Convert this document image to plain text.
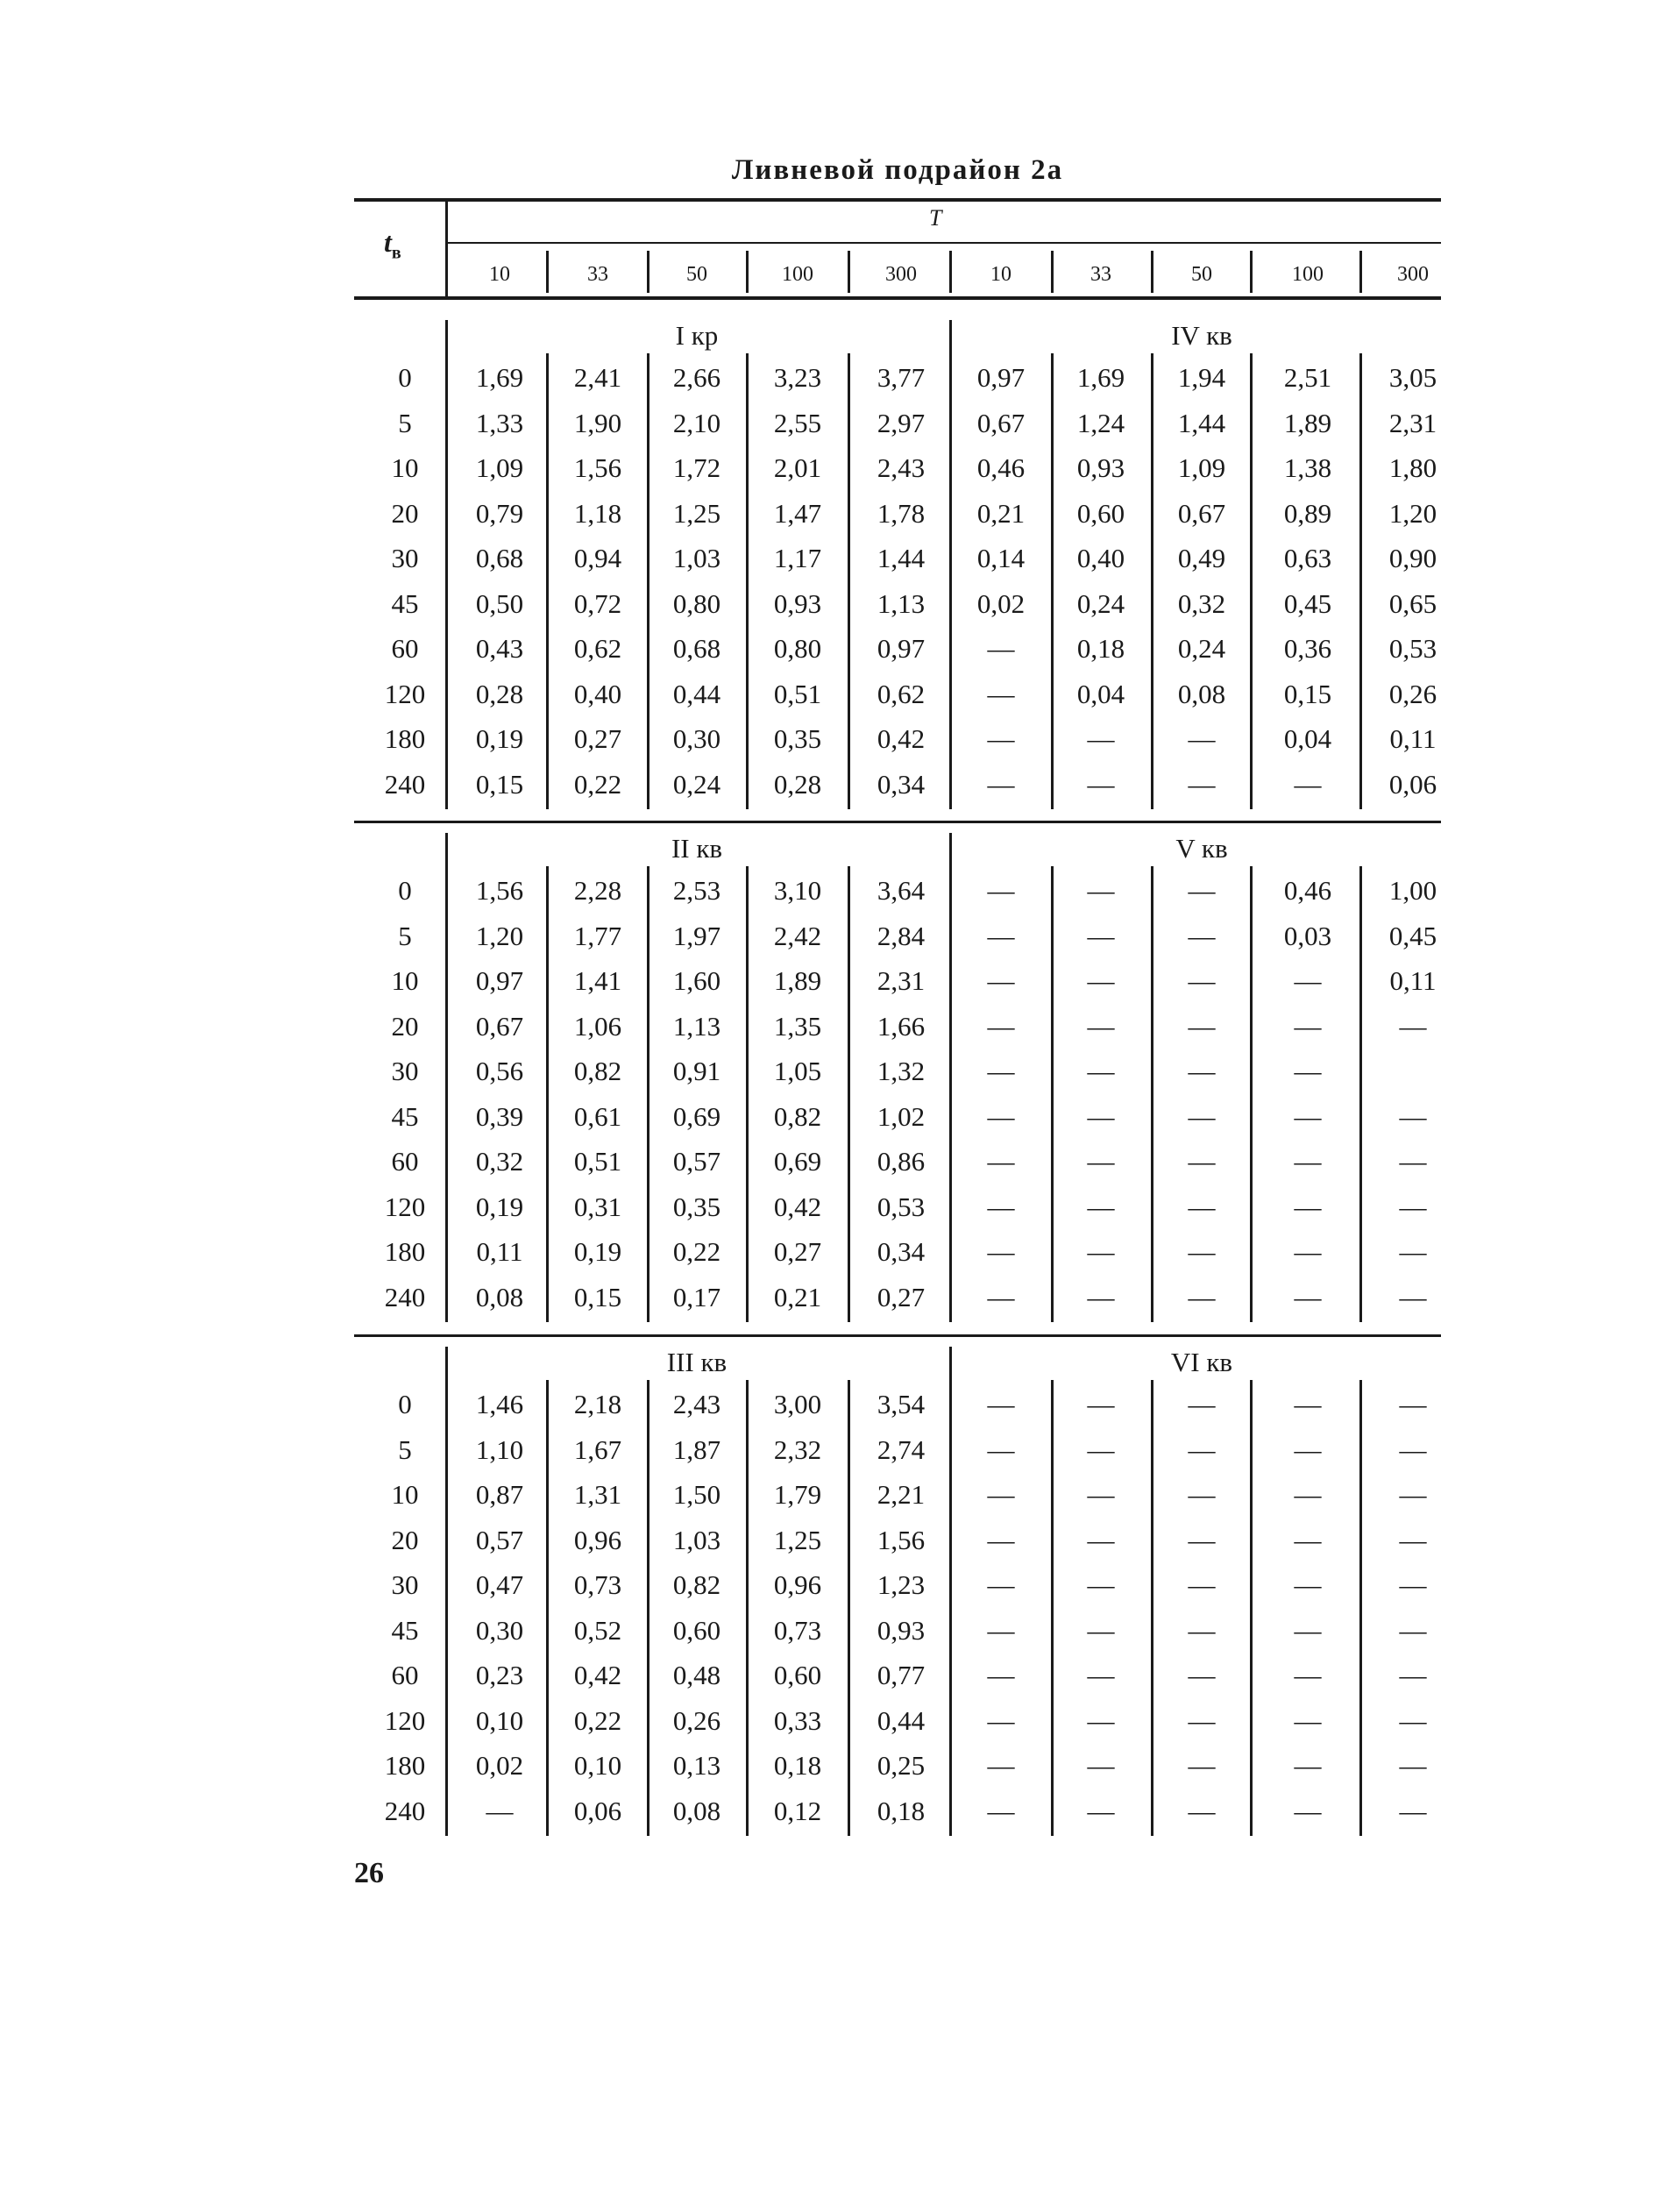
Ливневой подрайон 2а
$t_в$
T
10	33	50	100	300	10	33	50	100	300
I кр	IV кв
0	1,69	2,41	2,66	3,23	3,77	0,97	1,69	1,94	2,51	3,05
5	1,33	1,90	2,10	2,55	2,97	0,67	1,24	1,44	1,89	2,31
10	1,09	1,56	1,72	2,01	2,43	0,46	0,93	1,09	1,38	1,80
20	0,79	1,18	1,25	1,47	1,78	0,21	0,60	0,67	0,89	1,20
30	0,68	0,94	1,03	1,17	1,44	0,14	0,40	0,49	0,63	0,90
45	0,50	0,72	0,80	0,93	1,13	0,02	0,24	0,32	0,45	0,65
60	0,43	0,62	0,68	0,80	0,97	—	0,18	0,24	0,36	0,53
120	0,28	0,40	0,44	0,51	0,62	—	0,04	0,08	0,15	0,26
180	0,19	0,27	0,30	0,35	0,42	—	—	—	0,04	0,11
240	0,15	0,22	0,24	0,28	0,34	—	—	—	—	0,06
II кв	V кв
0	1,56	2,28	2,53	3,10	3,64	—	—	—	0,46	1,00
5	1,20	1,77	1,97	2,42	2,84	—	—	—	0,03	0,45
10	0,97	1,41	1,60	1,89	2,31	—	—	—	—	0,11
20	0,67	1,06	1,13	1,35	1,66	—	—	—	—	—
30	0,56	0,82	0,91	1,05	1,32	—	—	—	—
45	0,39	0,61	0,69	0,82	1,02	—	—	—	—	—
60	0,32	0,51	0,57	0,69	0,86	—	—	—	—	—
120	0,19	0,31	0,35	0,42	0,53	—	—	—	—	—
180	0,11	0,19	0,22	0,27	0,34	—	—	—	—	—
240	0,08	0,15	0,17	0,21	0,27	—	—	—	—	—
III кв	VI кв
0	1,46	2,18	2,43	3,00	3,54	—	—	—	—	—
5	1,10	1,67	1,87	2,32	2,74	—	—	—	—	—
10	0,87	1,31	1,50	1,79	2,21	—	—	—	—	—
20	0,57	0,96	1,03	1,25	1,56	—	—	—	—	—
30	0,47	0,73	0,82	0,96	1,23	—	—	—	—	—
45	0,30	0,52	0,60	0,73	0,93	—	—	—	—	—
60	0,23	0,42	0,48	0,60	0,77	—	—	—	—	—
120	0,10	0,22	0,26	0,33	0,44	—	—	—	—	—
180	0,02	0,10	0,13	0,18	0,25	—	—	—	—	—
240	—	0,06	0,08	0,12	0,18	—	—	—	—	—
26
